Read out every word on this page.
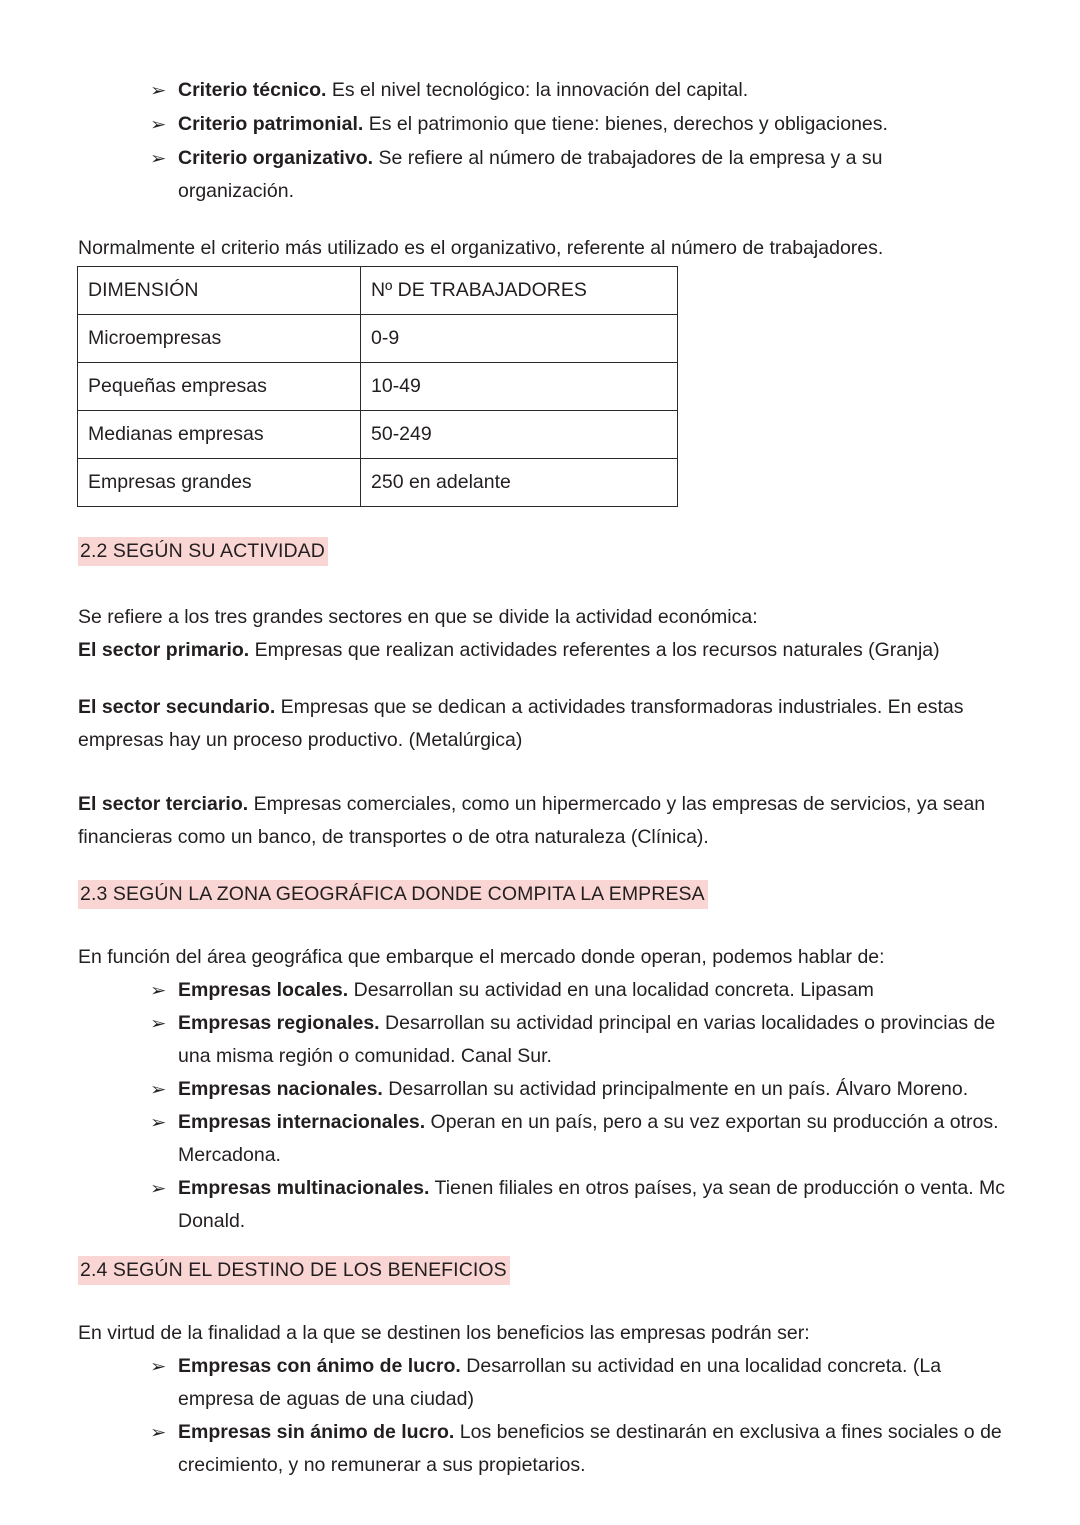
➢ Criterio técnico. Es el nivel tecnológico: la innovación del capital.
➢ Criterio patrimonial. Es el patrimonio que tiene: bienes, derechos y obligaciones.
➢ Criterio organizativo. Se refiere al número de trabajadores de la empresa y a su organización.
Normalmente el criterio más utilizado es el organizativo, referente al número de trabajadores.
DIMENSIÓN	Nº DE TRABAJADORES
Microempresas	0-9
Pequeñas empresas	10-49
Medianas empresas	50-249
Empresas grandes	250 en adelante
2.2 SEGÚN SU ACTIVIDAD
Se refiere a los tres grandes sectores en que se divide la actividad económica:
El sector primario. Empresas que realizan actividades referentes a los recursos naturales (Granja)
El sector secundario. Empresas que se dedican a actividades transformadoras industriales. En estas empresas hay un proceso productivo. (Metalúrgica)
El sector terciario. Empresas comerciales, como un hipermercado y las empresas de servicios, ya sean financieras como un banco, de transportes o de otra naturaleza (Clínica).
2.3 SEGÚN LA ZONA GEOGRÁFICA DONDE COMPITA LA EMPRESA
En función del área geográfica que embarque el mercado donde operan, podemos hablar de:
➢ Empresas locales. Desarrollan su actividad en una localidad concreta. Lipasam
➢ Empresas regionales. Desarrollan su actividad principal en varias localidades o provincias de una misma región o comunidad. Canal Sur.
➢ Empresas nacionales. Desarrollan su actividad principalmente en un país. Álvaro Moreno.
➢ Empresas internacionales. Operan en un país, pero a su vez exportan su producción a otros. Mercadona.
➢ Empresas multinacionales. Tienen filiales en otros países, ya sean de producción o venta. Mc Donald.
2.4 SEGÚN EL DESTINO DE LOS BENEFICIOS
En virtud de la finalidad a la que se destinen los beneficios las empresas podrán ser:
➢ Empresas con ánimo de lucro. Desarrollan su actividad en una localidad concreta. (La empresa de aguas de una ciudad)
➢ Empresas sin ánimo de lucro. Los beneficios se destinarán en exclusiva a fines sociales o de crecimiento, y no remunerar a sus propietarios.
